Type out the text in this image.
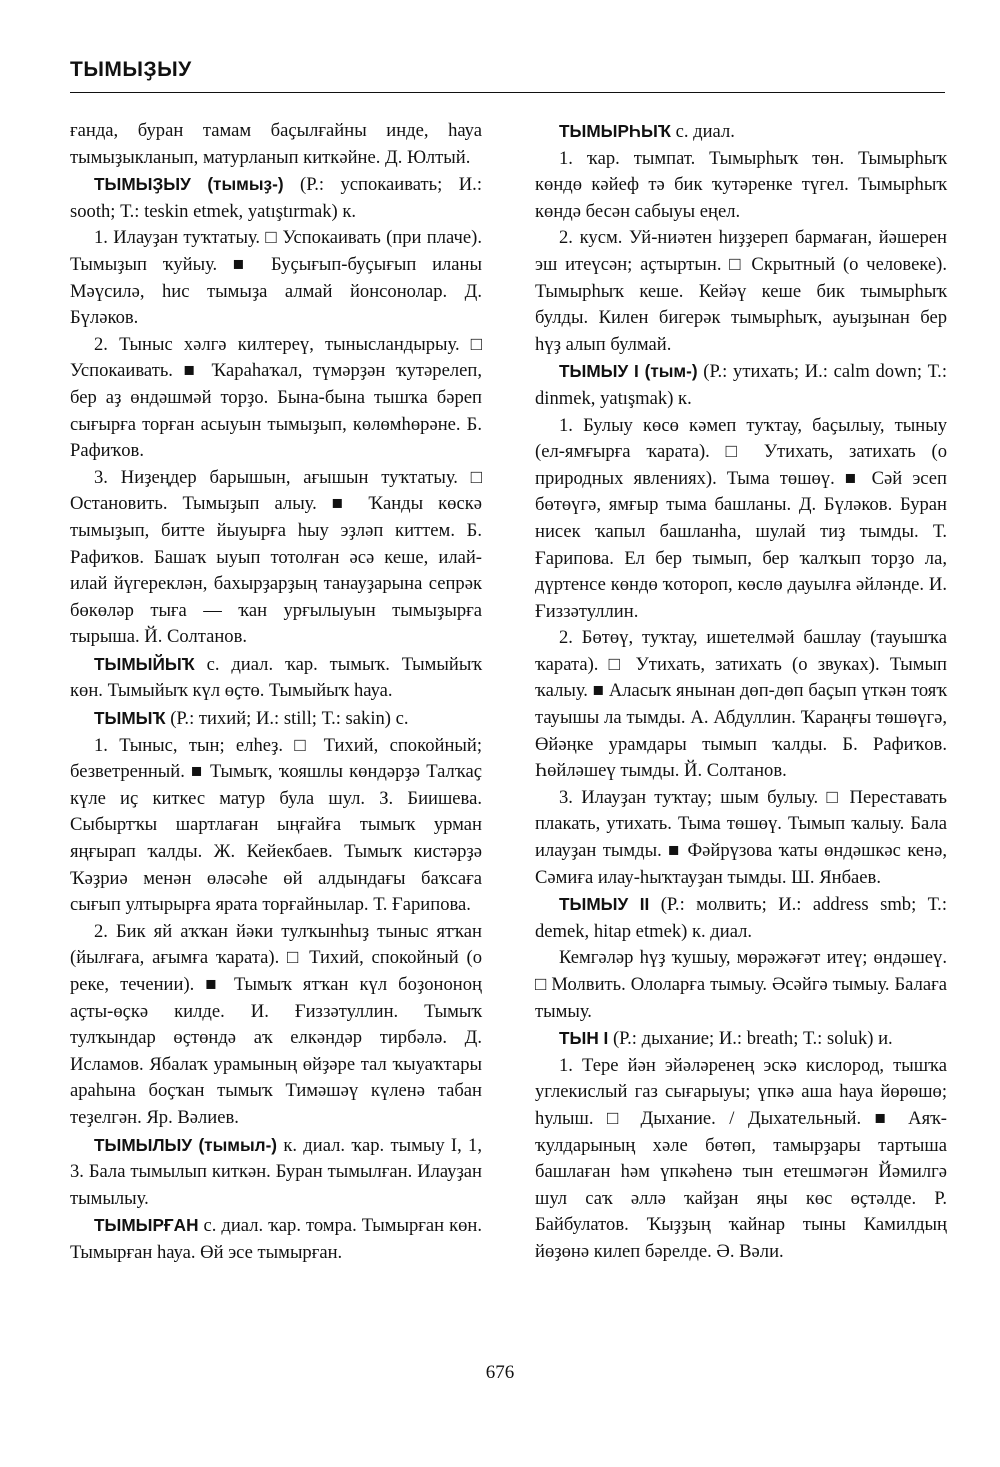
ТЫМЫҘЫУ

ғанда, буран тамам баҫылғайны инде, һауа тымыҙыкланып, матурланып киткәйне. Д. Юлтый.

ТЫМЫҘЫУ (тымыҙ-) (Р.: успокаивать; И.: sooth; Т.: teskin etmek, yatıştırmak) к.

1. Илауҙан туҡтатыу. □ Успокаивать (при плаче). Тымыҙып ҡуйыу. ■ Буҫығып-буҫығып иланы Мәүсилә, һис тымыҙа алмай йонсонолар. Д. Бүләков.

2. Тыныс хәлгә килтереү, тынысландырыу. □ Успокаивать. ■ Ҡараһаҡал, түмәрҙән ҡутәрелеп, бер аҙ өндәшмәй торҙо. Бына-бына тышҡа бәреп сығырға торған асыуын тымыҙып, көлөмһөрәне. Б. Рафиҡов.

3. Ниҙеңдер барышын, ағышын туҡтатыу. □ Остановить. Тымыҙып алыу. ■ Ҡанды көскә тымыҙып, битте йыуырға һыу эҙләп киттем. Б. Рафиҡов. Башаҡ ыуып тотолған әсә кеше, илай-илай йүгереклән, бахырҙарҙың танауҙарына сепрәк бөкөләр тыға — ҡан урғылыуын тымыҙырға тырыша. Й. Солтанов.

ТЫМЫЙЫҠ с. диал. ҡар. тымыҡ. Тымыйыҡ көн. Тымыйыҡ күл өҫтө. Тымыйыҡ һауа.

ТЫМЫҠ (Р.: тихий; И.: still; Т.: sakin) с.

1. Тыныс, тын; елһеҙ. □ Тихий, спокойный; безветренный. ■ Тымыҡ, ҡояшлы көндәрҙә Талҡаҫ күле иҫ киткес матур була шул. З. Биишева. Сыбыртҡы шартлаған ыңғайға тымыҡ урман яңғырап ҡалды. Ж. Кейекбаев. Тымыҡ кистәрҙә Ҡәҙриә менән өләсәһе өй алдындағы баҡсаға сығып ултырырға ярата торғайнылар. Т. Ғарипова.

2. Бик яй аҡҡан йәки тулҡынһыҙ тыныс ятҡан (йылғаға, ағымға ҡарата). □ Тихий, спокойный (о реке, течении). ■ Тымыҡ ятҡан күл боҙононоң аҫты-өҫкә килде. И. Ғиззәтуллин. Тымыҡ тулҡындар өҫтөндә аҡ елкәндәр тирбәлә. Д. Исламов. Ябалаҡ урамының өйҙәре тал ҡыуаҡтары араһына боҫҡан тымыҡ Тимәшәү күленә табан теҙелгән. Яр. Вәлиев.

ТЫМЫЛЫУ (тымыл-) к. диал. ҡар. тымыу I, 1, 3. Бала тымылып киткән. Буран тымылған. Илауҙан тымылыу.

ТЫМЫРҒАН с. диал. ҡар. томра. Тымырған көн. Тымырған һауа. Өй эсе тымырған.

ТЫМЫРҺЫҠ с. диал.

1. ҡар. тымпат. Тымырһыҡ төн. Тымырһыҡ көндө кәйеф тә бик ҡутәренке түгел. Тымырһыҡ көндә бесән сабыуы еңел.

2. кусм. Уй-ниәтен һиҙҙереп бармаған, йәшерен эш итеүсән; аҫтыртын. □ Скрытный (о человеке). Тымырһыҡ кеше. Кейәү кеше бик тымырһыҡ булды. Килен бигерәк тымырһыҡ, ауыҙынан бер һүҙ алып булмай.

ТЫМЫУ I (тым-) (Р.: утихать; И.: calm down; Т.: dinmek, yatışmak) к.

1. Булыу көсө кәмеп туҡтау, баҫылыу, тыныу (ел-ямғырға ҡарата). □ Утихать, затихать (о природных явлениях). Тыма төшөү. ■ Сәй эсеп бөтөүгә, ямғыр тыма башланы. Д. Бүләков. Буран нисек ҡапыл башланһа, шулай тиҙ тымды. Т. Ғарипова. Ел бер тымып, бер ҡалҡып торҙо ла, дүртенсе көндө ҡотороп, көслө дауылға әйләнде. И. Ғиззәтуллин.

2. Бөтөү, туҡтау, ишетелмәй башлау (тауышҡа ҡарата). □ Утихать, затихать (о звуках). Тымып ҡалыу. ■ Аласыҡ янынан дөп-дөп баҫып үткән тояҡ тауышы ла тымды. А. Абдуллин. Ҡараңғы төшөүгә, Өйәңке урамдары тымып ҡалды. Б. Рафиҡов. Һөйләшеү тымды. Й. Солтанов.

3. Илауҙан туҡтау; шым булыу. □ Переставать плакать, утихать. Тыма төшөү. Тымып ҡалыу. Бала илауҙан тымды. ■ Фәйрүзова ҡаты өндәшкәс кенә, Сәмиға илау-һыҡтауҙан тымды. Ш. Янбаев.

ТЫМЫУ II (Р.: молвить; И.: address smb; Т.: demek, hitap etmek) к. диал.

Кемгәләр һүҙ ҡушыу, мөрәжәғәт итеү; өндәшеү. □ Молвить. Ололарға тымыу. Әсәйгә тымыу. Балаға тымыу.

ТЫН I (Р.: дыхание; И.: breath; Т.: soluk) и.

1. Тере йән эйәләренең эскә кислород, тышҡа углекислый газ сығарыуы; үпкә аша һауа йөрөшө; һулыш. □ Дыхание. / Дыхательный. ■ Аяҡ-ҡулдарының хәле бөтөп, тамырҙары тартыша башлаған һәм үпкәһенә тын етешмәгән Йәмилгә шул саҡ әллә ҡайҙан яңы көс өҫтәлде. Р. Байбулатов. Ҡыҙҙың ҡайнар тыны Камилдың йөҙөнә килеп бәрелде. Ә. Вәли.

676
